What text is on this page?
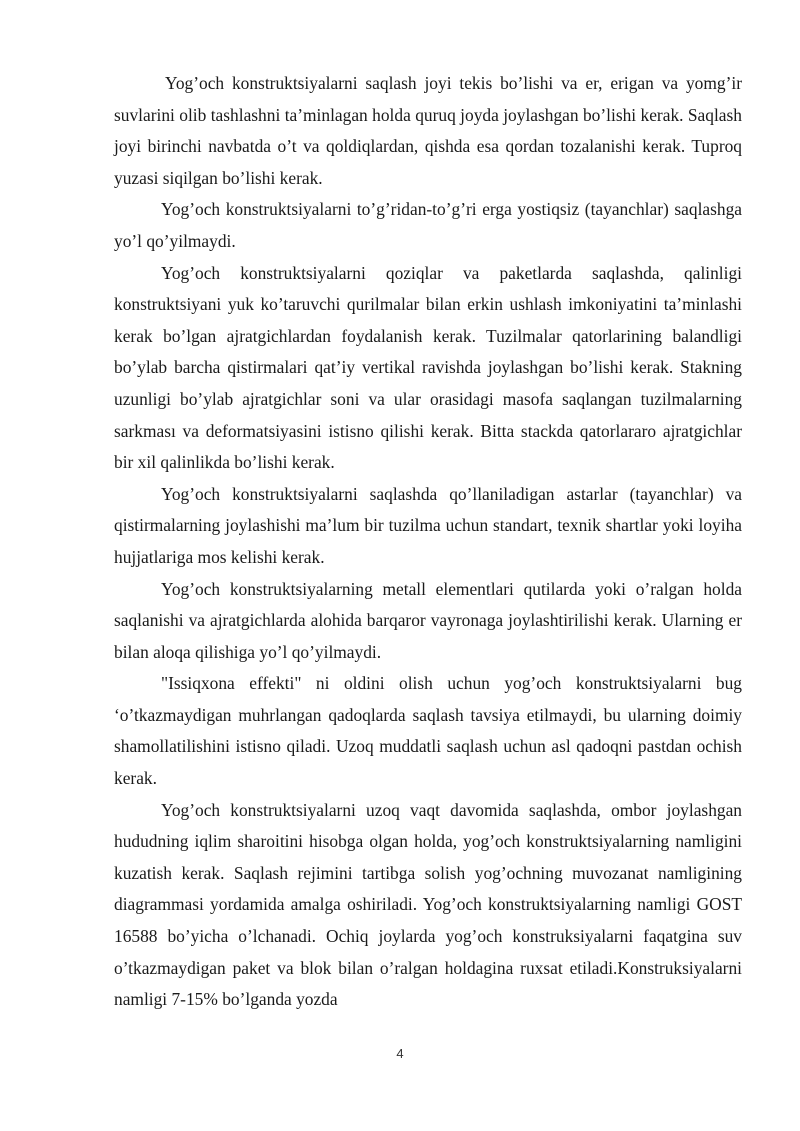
Yog’och konstruktsiyalarni saqlash joyi tekis bo’lishi va er, erigan va yomg’ir suvlarini olib tashlashni ta’minlagan holda quruq joyda joylashgan bo’lishi kerak. Saqlash joyi birinchi navbatda o’t va qoldiqlardan, qishda esa qordan tozalanishi kerak. Tuproq yuzasi siqilgan bo’lishi kerak.

Yog’och konstruktsiyalarni to’g’ridan-to’g’ri erga yostiqsiz (tayanchlar) saqlashga yo’l qo’yilmaydi.

Yog’och konstruktsiyalarni qoziqlar va paketlarda saqlashda, qalinligi konstruktsiyani yuk ko’taruvchi qurilmalar bilan erkin ushlash imkoniyatini ta’minlashi kerak bo’lgan ajratgichlardan foydalanish kerak. Tuzilmalar qatorlarining balandligi bo’ylab barcha qistirmalari qat’iy vertikal ravishda joylashgan bo’lishi kerak. Stakning uzunligi bo’ylab ajratgichlar soni va ular orasidagi masofa saqlangan tuzilmalarning sarkması va deformatsiyasini istisno qilishi kerak. Bitta stackda qatorlararo ajratgichlar bir xil qalinlikda bo’lishi kerak.

Yog’och konstruktsiyalarni saqlashda qo’llaniladigan astarlar (tayanchlar) va qistirmalarning joylashishi ma’lum bir tuzilma uchun standart, texnik shartlar yoki loyiha hujjatlariga mos kelishi kerak.

Yog’och konstruktsiyalarning metall elementlari qutilarda yoki o’ralgan holda saqlanishi va ajratgichlarda alohida barqaror vayronaga joylashtirilishi kerak. Ularning er bilan aloqa qilishiga yo’l qo’yilmaydi.

"Issiqxona effekti" ni oldini olish uchun yog’och konstruktsiyalarni bug ‘o’tkazmaydigan muhrlangan qadoqlarda saqlash tavsiya etilmaydi, bu ularning doimiy shamollatilishini istisno qiladi. Uzoq muddatli saqlash uchun asl qadoqni pastdan ochish kerak.

Yog’och konstruktsiyalarni uzoq vaqt davomida saqlashda, ombor joylashgan hududning iqlim sharoitini hisobga olgan holda, yog’och konstruktsiyalarning namligini kuzatish kerak. Saqlash rejimini tartibga solish yog’ochning muvozanat namligining diagrammasi yordamida amalga oshiriladi. Yog’och konstruktsiyalarning namligi GOST 16588 bo’yicha o’lchanadi. Ochiq joylarda yog’och konstruksiyalarni faqatgina suv o’tkazmaydigan paket va blok bilan o’ralgan holdagina ruxsat etiladi.Konstruksiyalarni namligi 7-15% bo’lganda yozda

4
